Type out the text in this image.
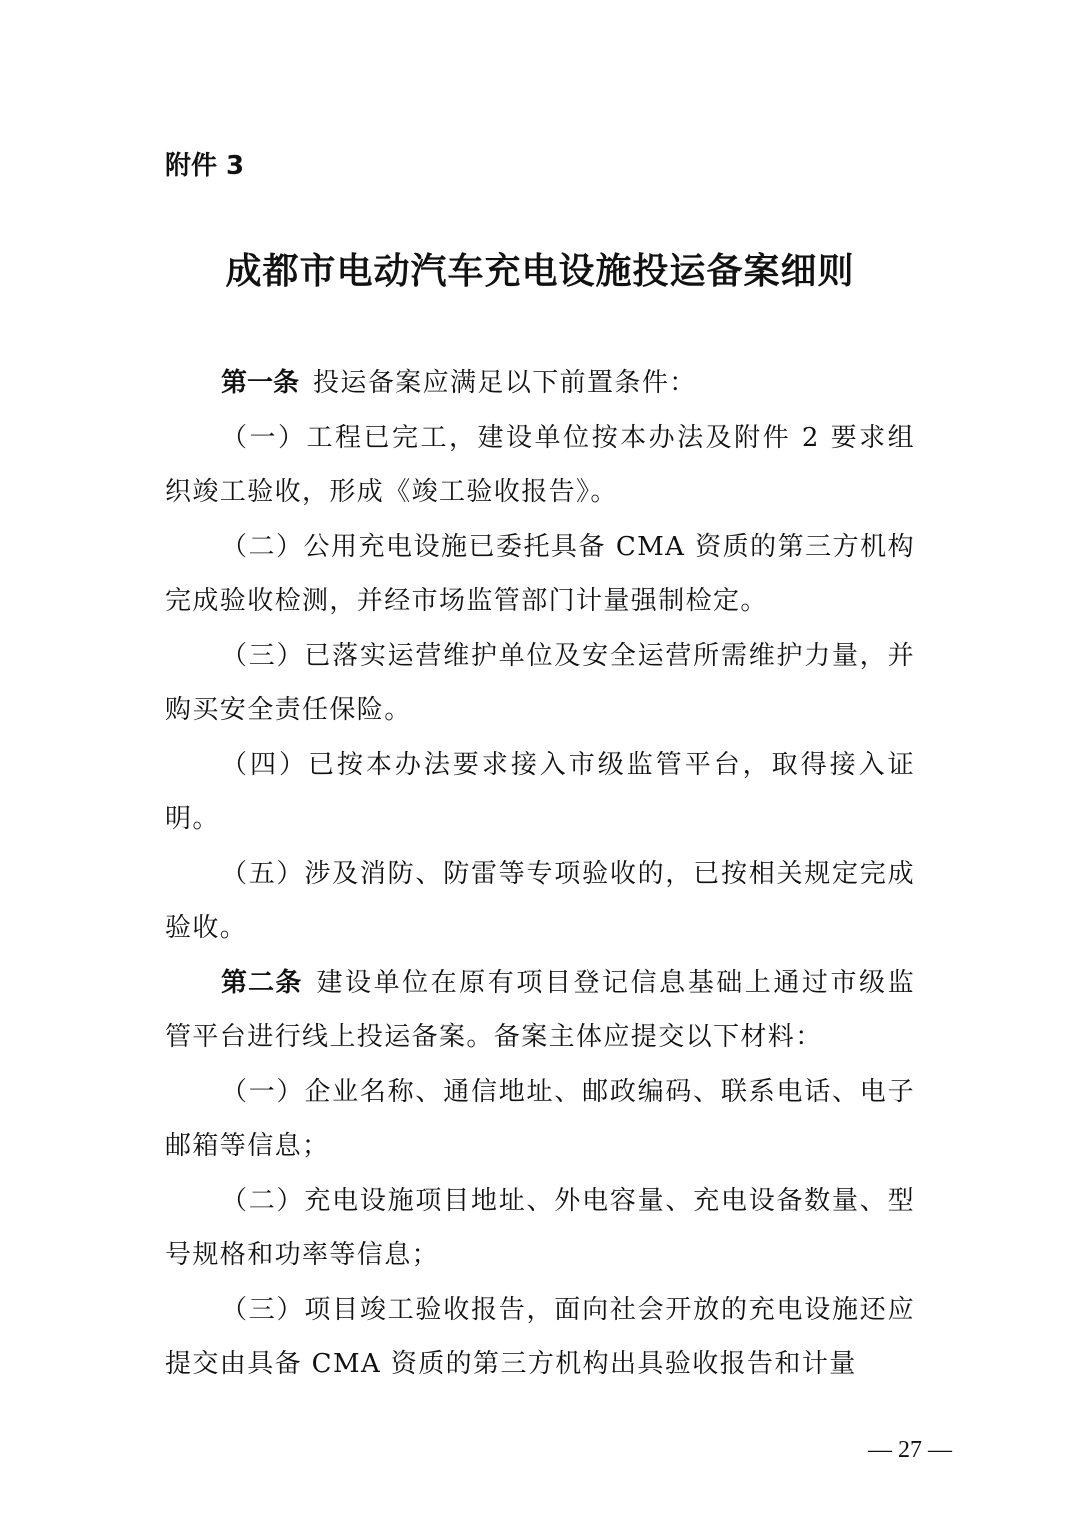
附件 3
成都市电动汽车充电设施投运备案细则

第一条 投运备案应满足以下前置条件：

（一）工程已完工，建设单位按本办法及附件 2 要求组织竣工验收，形成《竣工验收报告》。

（二）公用充电设施已委托具备 CMA 资质的第三方机构完成验收检测，并经市场监管部门计量强制检定。

（三）已落实运营维护单位及安全运营所需维护力量，并购买安全责任保险。

（四）已按本办法要求接入市级监管平台，取得接入证明。

（五）涉及消防、防雷等专项验收的，已按相关规定完成验收。

第二条 建设单位在原有项目登记信息基础上通过市级监管平台进行线上投运备案。备案主体应提交以下材料：

（一）企业名称、通信地址、邮政编码、联系电话、电子邮箱等信息；

（二）充电设施项目地址、外电容量、充电设备数量、型号规格和功率等信息；

（三）项目竣工验收报告，面向社会开放的充电设施还应提交由具备 CMA 资质的第三方机构出具验收报告和计量

— 27 —
